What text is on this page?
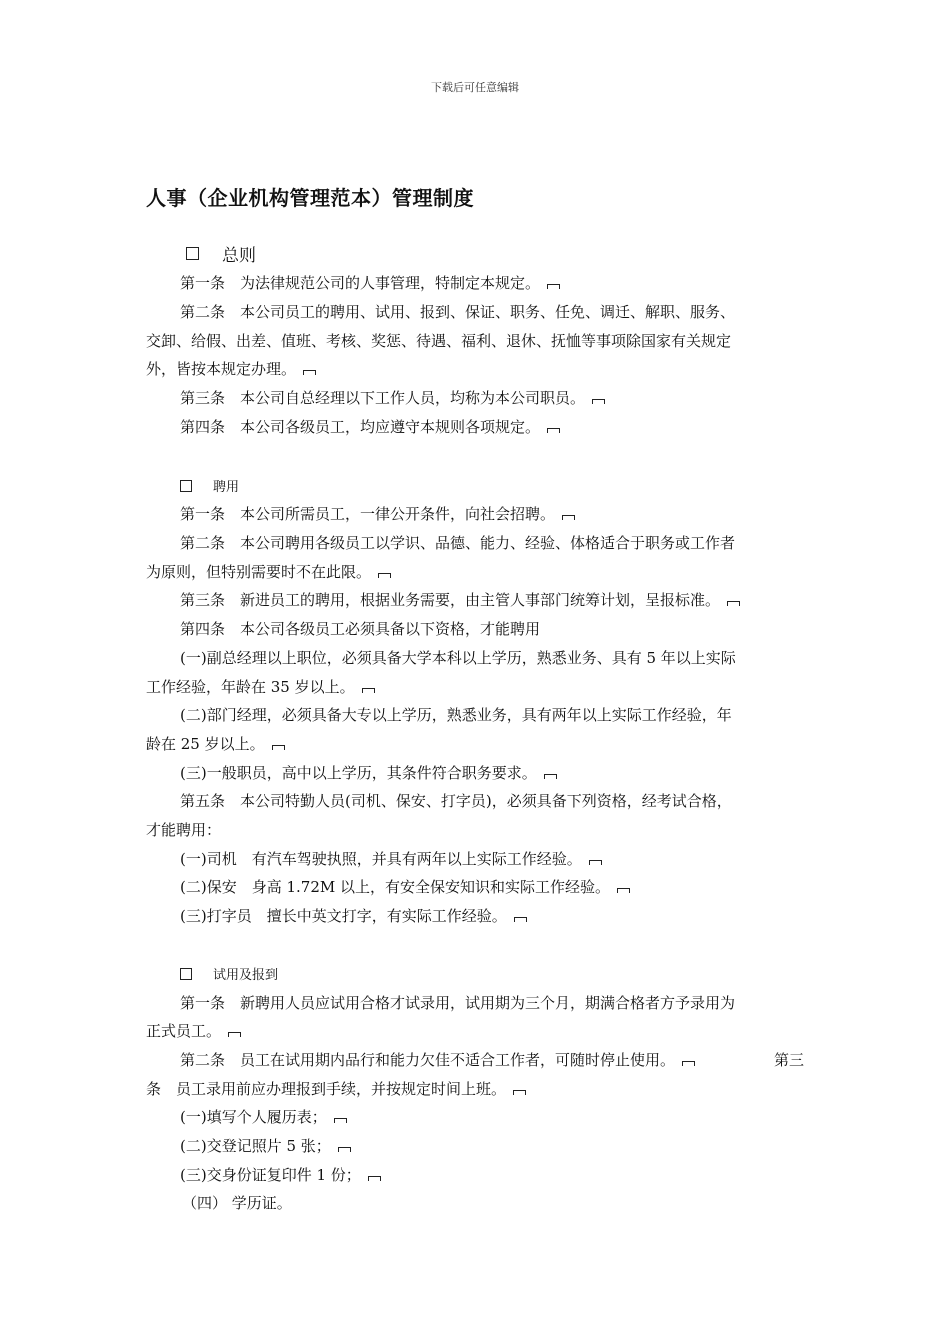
下载后可任意编辑
人事（企业机构管理范本）管理制度
总则
第一条　为法律规范公司的人事管理，特制定本规定。
第二条　本公司员工的聘用、试用、报到、保证、职务、任免、调迁、解职、服务、
交卸、给假、出差、值班、考核、奖惩、待遇、福利、退休、抚恤等事项除国家有关规定
外，皆按本规定办理。
第三条　本公司自总经理以下工作人员，均称为本公司职员。
第四条　本公司各级员工，均应遵守本规则各项规定。
聘用
第一条　本公司所需员工，一律公开条件，向社会招聘。
第二条　本公司聘用各级员工以学识、品德、能力、经验、体格适合于职务或工作者
为原则，但特别需要时不在此限。
第三条　新进员工的聘用，根据业务需要，由主管人事部门统筹计划，呈报标准。
第四条　本公司各级员工必须具备以下资格，才能聘用
(一)副总经理以上职位，必须具备大学本科以上学历，熟悉业务、具有 5 年以上实际
工作经验，年龄在 35 岁以上。
(二)部门经理，必须具备大专以上学历，熟悉业务，具有两年以上实际工作经验，年
龄在 25 岁以上。
(三)一般职员，高中以上学历，其条件符合职务要求。
第五条　本公司特勤人员(司机、保安、打字员)，必须具备下列资格，经考试合格，
才能聘用：
(一)司机　有汽车驾驶执照，并具有两年以上实际工作经验。
(二)保安　身高 1.72M 以上，有安全保安知识和实际工作经验。
(三)打字员　擅长中英文打字，有实际工作经验。
试用及报到
第一条　新聘用人员应试用合格才试录用，试用期为三个月，期满合格者方予录用为
正式员工。
第二条　员工在试用期内品行和能力欠佳不适合工作者，可随时停止使用。	第三
条　员工录用前应办理报到手续，并按规定时间上班。
(一)填写个人履历表；
(二)交登记照片 5 张；
(三)交身份证复印件 1 份；
（四） 学历证。
